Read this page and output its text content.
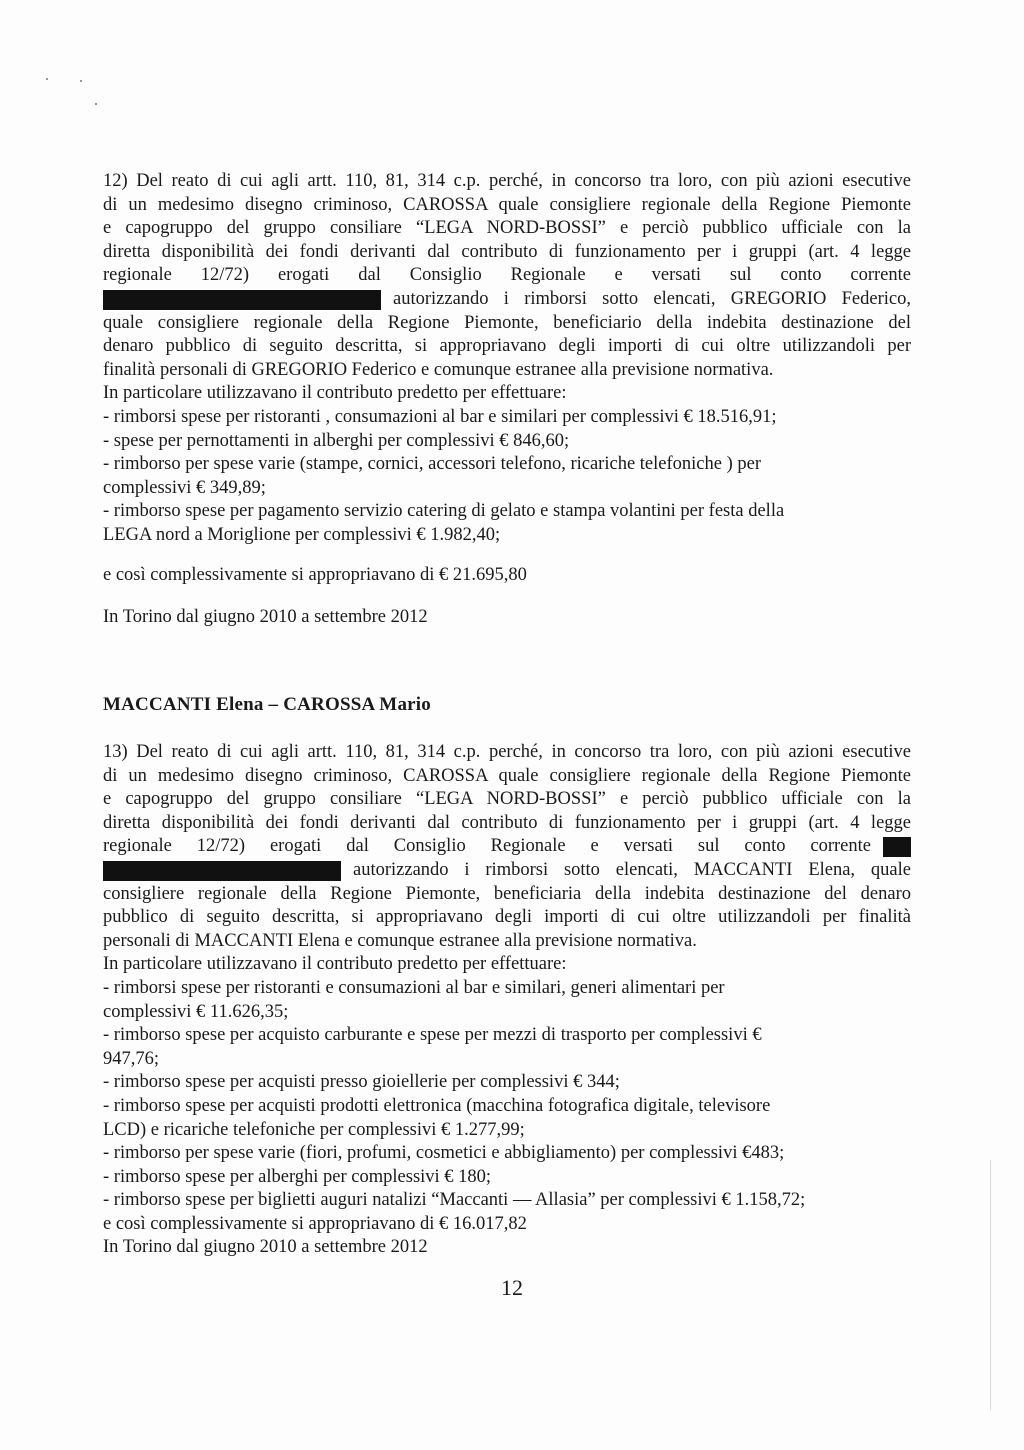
12) Del reato di cui agli artt. 110, 81, 314 c.p. perché, in concorso tra loro, con più azioni esecutive

di un medesimo disegno criminoso, CAROSSA quale consigliere regionale della Regione Piemonte

e capogruppo del gruppo consiliare “LEGA NORD-BOSSI” e perciò pubblico ufficiale con la

diretta disponibilità dei fondi derivanti dal contributo di funzionamento per i gruppi (art. 4 legge

regionale 12/72) erogati dal Consiglio Regionale e versati sul conto corrente

autorizzando i rimborsi sotto elencati, GREGORIO Federico,

quale consigliere regionale della Regione Piemonte, beneficiario della indebita destinazione del

denaro pubblico di seguito descritta, si appropriavano degli importi di cui oltre utilizzandoli per

finalità personali di GREGORIO Federico e comunque estranee alla previsione normativa.

In particolare utilizzavano il contributo predetto per effettuare:

- rimborsi spese per ristoranti , consumazioni al bar e similari per complessivi € 18.516,91;

- spese per pernottamenti in alberghi per complessivi € 846,60;

- rimborso per spese varie (stampe, cornici, accessori telefono, ricariche telefoniche ) per

complessivi € 349,89;

- rimborso spese per pagamento servizio catering di gelato e stampa volantini per festa della

LEGA nord a Moriglione per complessivi € 1.982,40;

e così complessivamente si appropriavano di € 21.695,80

In Torino dal giugno 2010 a settembre 2012

MACCANTI Elena – CAROSSA Mario

13) Del reato di cui agli artt. 110, 81, 314 c.p. perché, in concorso tra loro, con più azioni esecutive

di un medesimo disegno criminoso, CAROSSA quale consigliere regionale della Regione Piemonte

e capogruppo del gruppo consiliare “LEGA NORD-BOSSI” e perciò pubblico ufficiale con la

diretta disponibilità dei fondi derivanti dal contributo di funzionamento per i gruppi (art. 4 legge

regionale 12/72) erogati dal Consiglio Regionale e versati sul conto corrente

autorizzando i rimborsi sotto elencati, MACCANTI Elena, quale

consigliere regionale della Regione Piemonte, beneficiaria della indebita destinazione del denaro

pubblico di seguito descritta, si appropriavano degli importi di cui oltre utilizzandoli per finalità

personali di MACCANTI Elena e comunque estranee alla previsione normativa.

In particolare utilizzavano il contributo predetto per effettuare:

- rimborsi spese per ristoranti e consumazioni al bar e similari, generi alimentari per

complessivi € 11.626,35;

- rimborso spese per acquisto carburante e spese per mezzi di trasporto per complessivi €

947,76;

- rimborso spese per acquisti presso gioiellerie per complessivi € 344;

- rimborso spese per acquisti prodotti elettronica (macchina fotografica digitale, televisore

LCD) e ricariche telefoniche per complessivi € 1.277,99;

- rimborso per spese varie (fiori, profumi, cosmetici e abbigliamento) per complessivi €483;

- rimborso spese per alberghi per complessivi € 180;

- rimborso spese per biglietti auguri natalizi “Maccanti — Allasia” per complessivi € 1.158,72;

e così complessivamente si appropriavano di € 16.017,82

In Torino dal giugno 2010 a settembre 2012

12
